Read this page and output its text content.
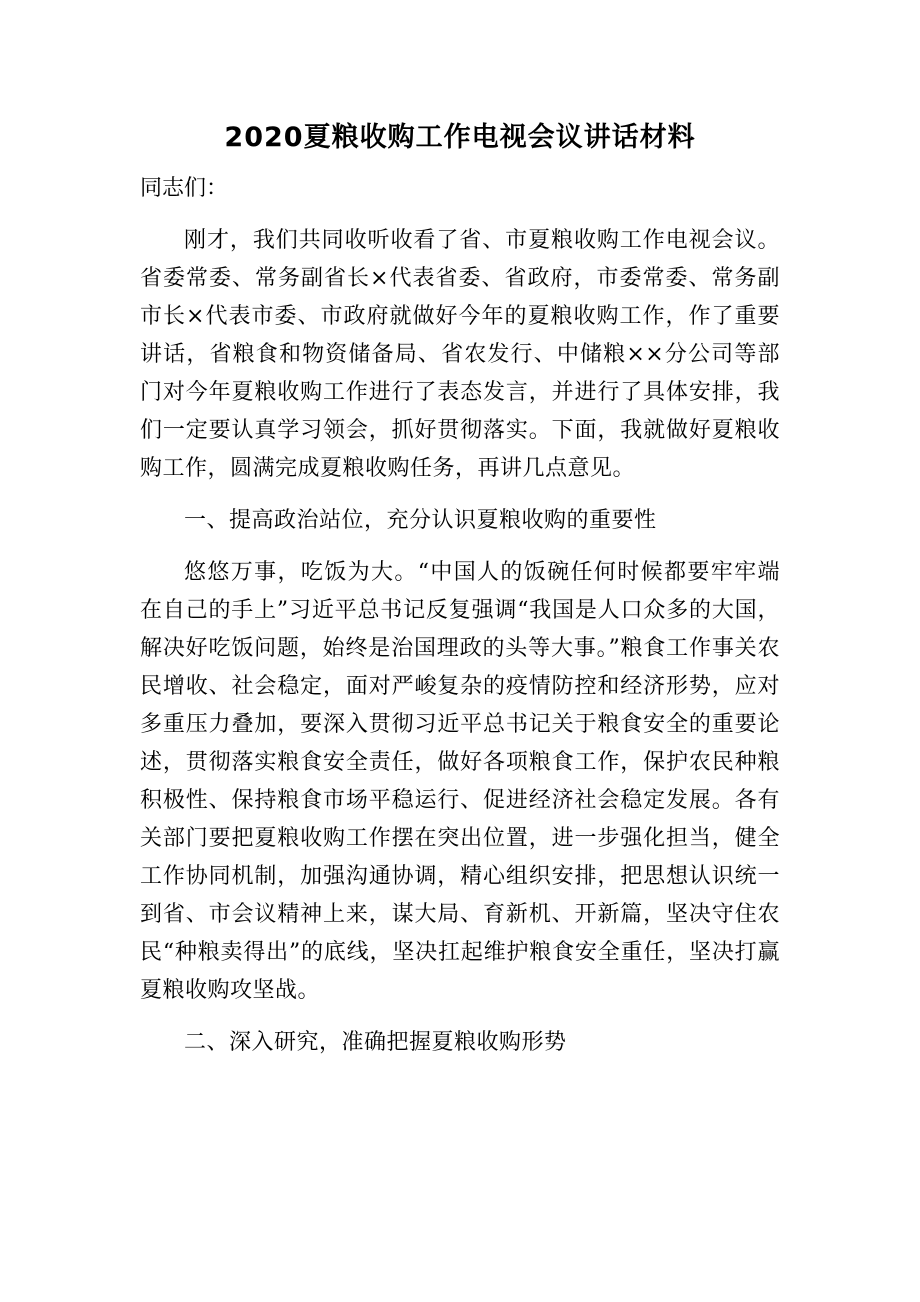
2020夏粮收购工作电视会议讲话材料

同志们：

刚才，我们共同收听收看了省、市夏粮收购工作电视会议。省委常委、常务副省长×代表省委、省政府，市委常委、常务副市长×代表市委、市政府就做好今年的夏粮收购工作，作了重要讲话，省粮食和物资储备局、省农发行、中储粮××分公司等部门对今年夏粮收购工作进行了表态发言，并进行了具体安排，我们一定要认真学习领会，抓好贯彻落实。下面，我就做好夏粮收购工作，圆满完成夏粮收购任务，再讲几点意见。

一、提高政治站位，充分认识夏粮收购的重要性

悠悠万事，吃饭为大。“中国人的饭碗任何时候都要牢牢端在自己的手上”习近平总书记反复强调“我国是人口众多的大国，解决好吃饭问题，始终是治国理政的头等大事。”粮食工作事关农民增收、社会稳定，面对严峻复杂的疫情防控和经济形势，应对多重压力叠加，要深入贯彻习近平总书记关于粮食安全的重要论述，贯彻落实粮食安全责任，做好各项粮食工作，保护农民种粮积极性、保持粮食市场平稳运行、促进经济社会稳定发展。各有关部门要把夏粮收购工作摆在突出位置，进一步强化担当，健全工作协同机制，加强沟通协调，精心组织安排，把思想认识统一到省、市会议精神上来，谋大局、育新机、开新篇，坚决守住农民“种粮卖得出”的底线，坚决扛起维护粮食安全重任，坚决打赢夏粮收购攻坚战。

二、深入研究，准确把握夏粮收购形势
